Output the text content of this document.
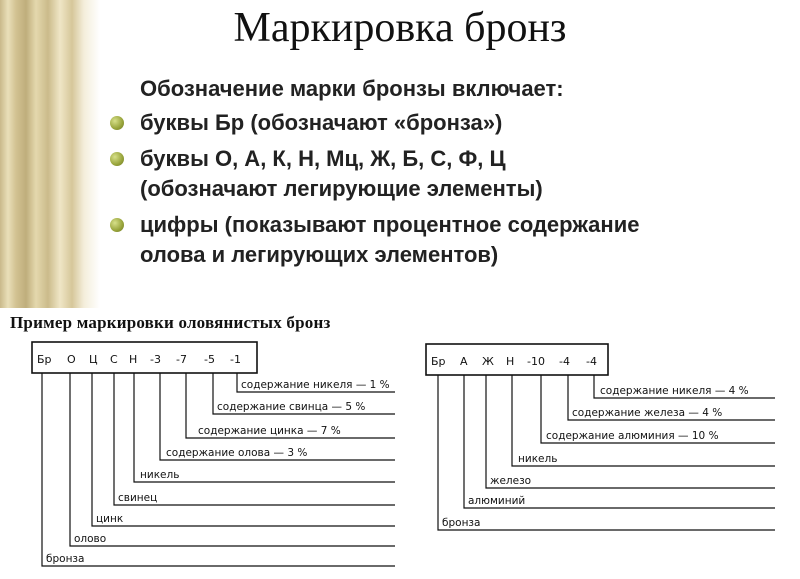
Маркировка бронз
Обозначение марки бронзы включает:
буквы Бр (обозначают «бронза»)
буквы О, А, К, Н, Мц, Ж, Б, С, Ф, Ц
(обозначают легирующие элементы)
цифры (показывают процентное содержание
олова и легирующих элементов)
Пример маркировки оловянистых бронз
Бр О Ц С Н -3 -7 -5 -1
содержание никеля — 1 %
содержание свинца — 5 %
содержание цинка — 7 %
содержание олова — 3 %
никель
свинец
цинк
олово
бронза
Бр А Ж Н -10 -4 -4
содержание никеля — 4 %
содержание железа — 4 %
содержание алюминия — 10 %
никель
железо
алюминий
бронза
